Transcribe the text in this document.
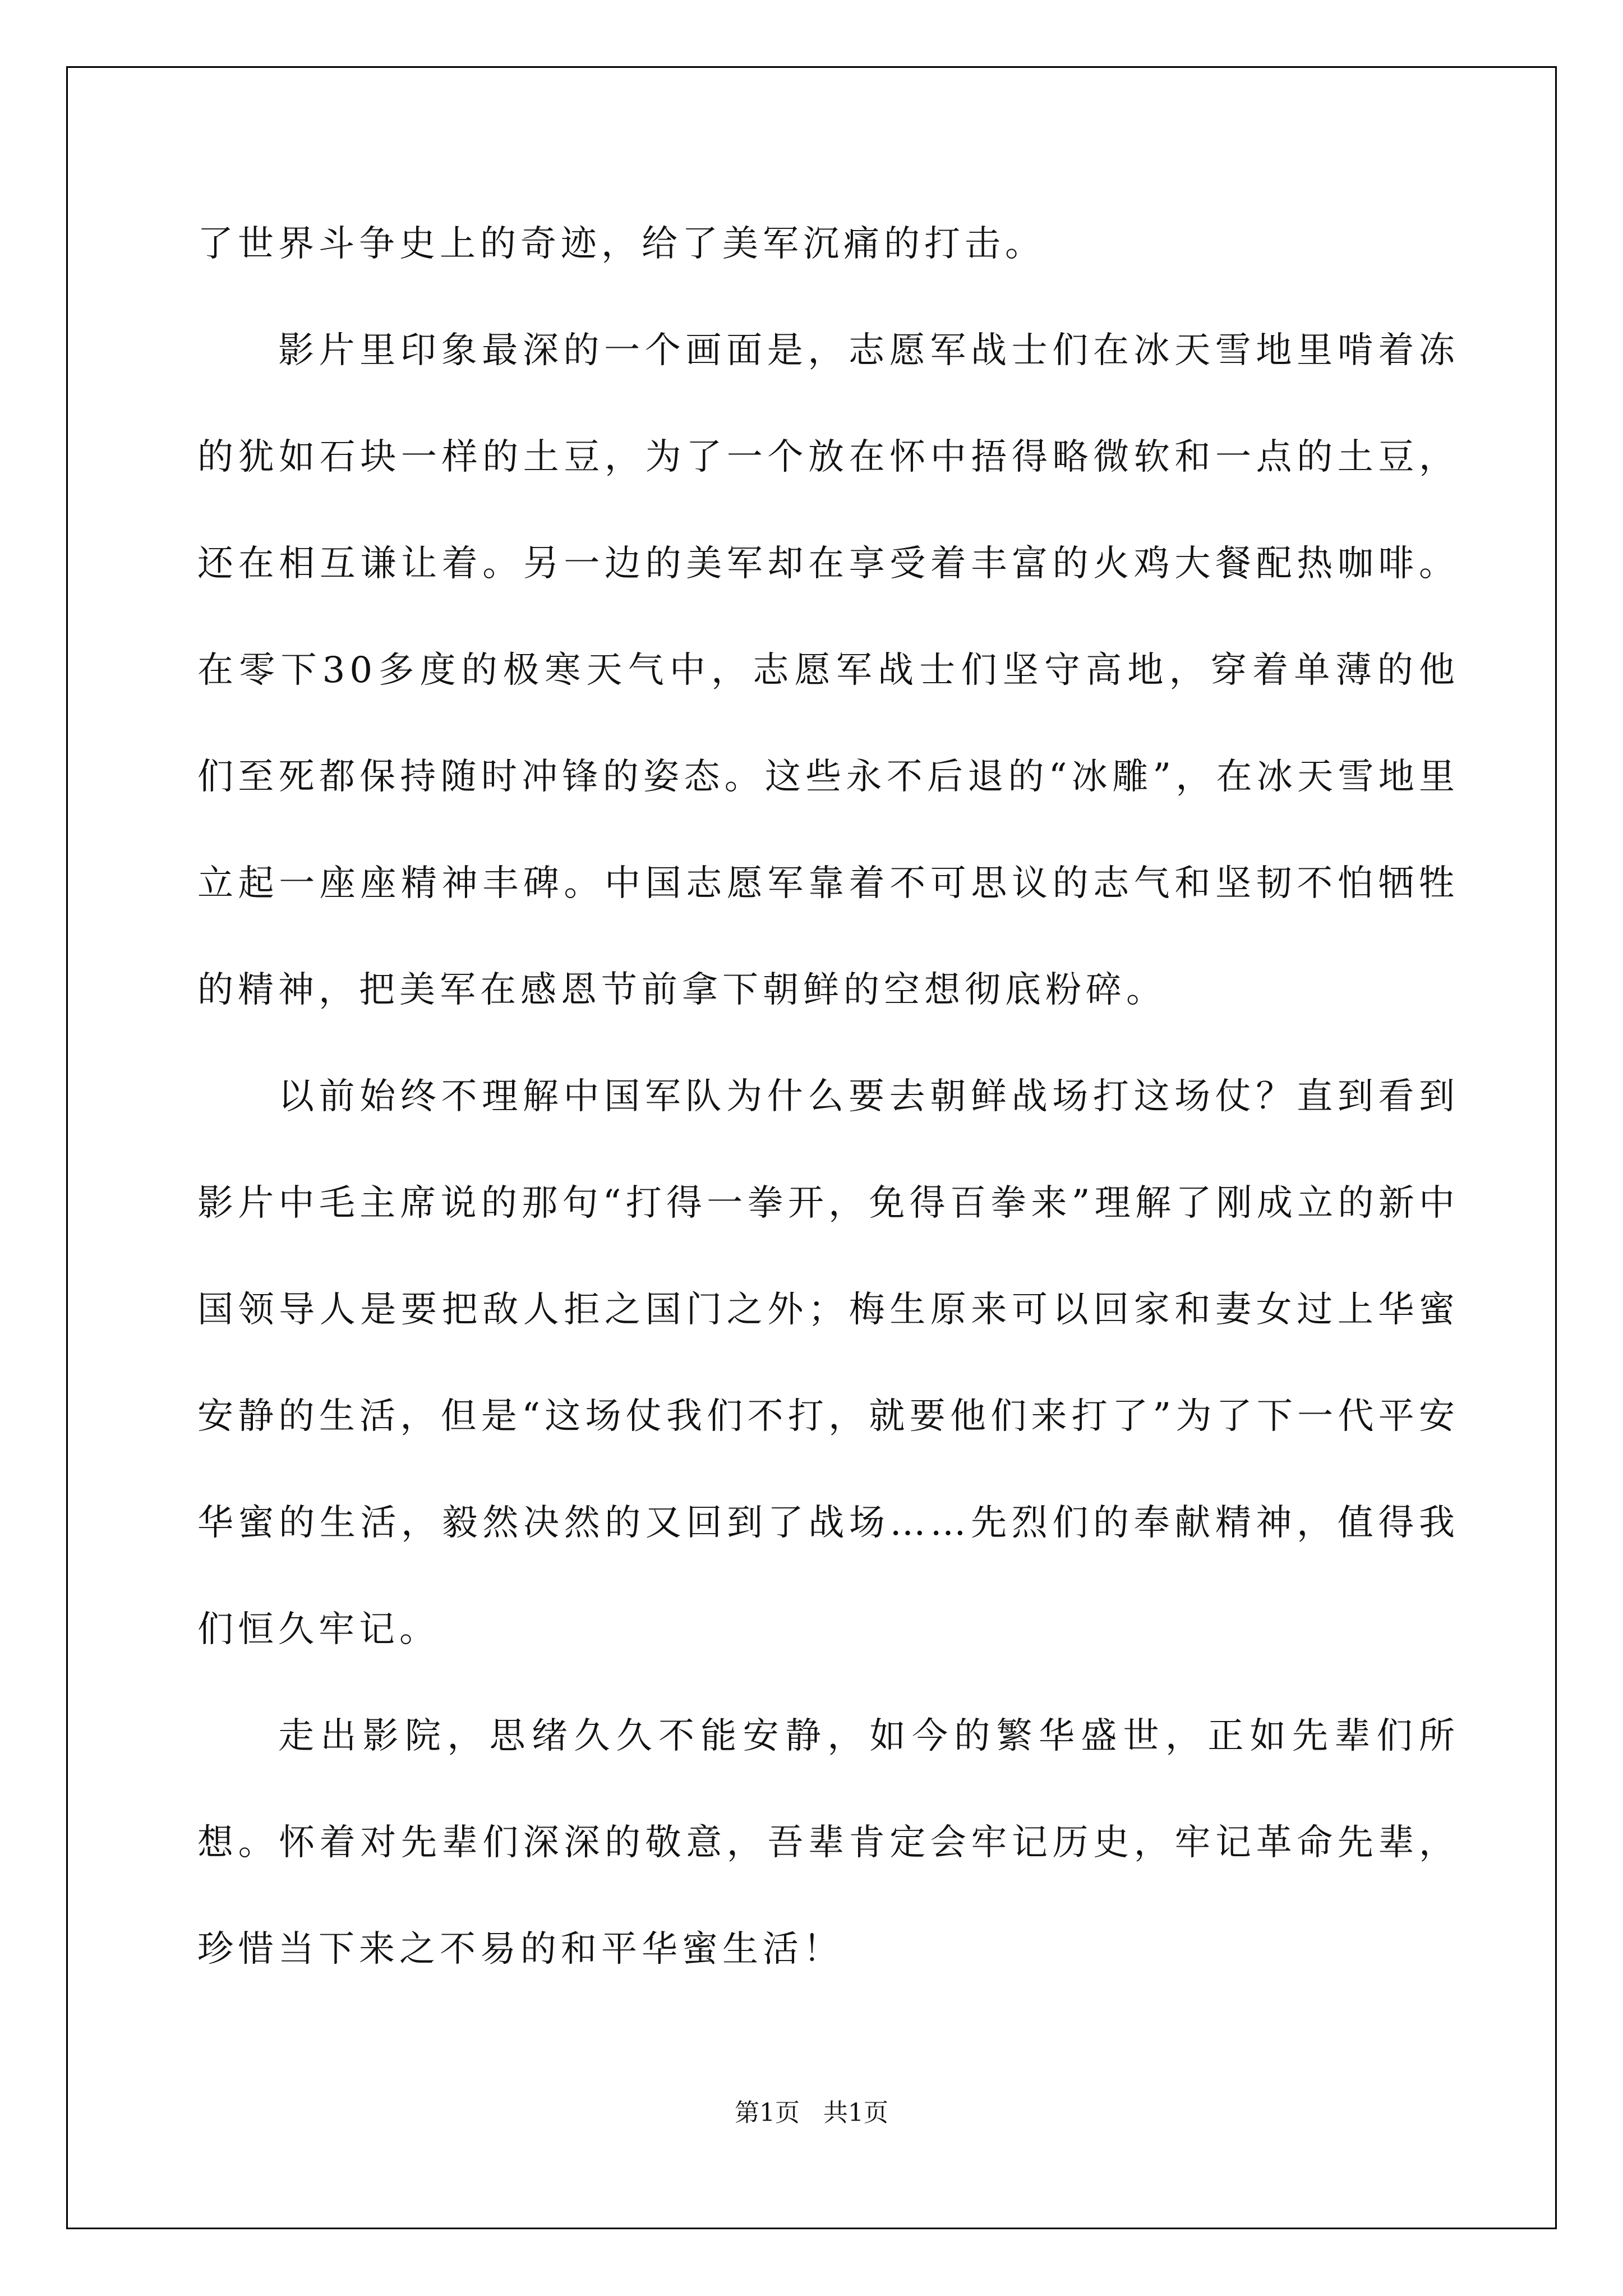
了世界斗争史上的奇迹，给了美军沉痛的打击。

影片里印象最深的一个画面是，志愿军战士们在冰天雪地里啃着冻的犹如石块一样的土豆，为了一个放在怀中捂得略微软和一点的土豆，还在相互谦让着。另一边的美军却在享受着丰富的火鸡大餐配热咖啡。在零下30多度的极寒天气中，志愿军战士们坚守高地，穿着单薄的他们至死都保持随时冲锋的姿态。这些永不后退的“冰雕”，在冰天雪地里立起一座座精神丰碑。中国志愿军靠着不可思议的志气和坚韧不怕牺牲的精神，把美军在感恩节前拿下朝鲜的空想彻底粉碎。

以前始终不理解中国军队为什么要去朝鲜战场打这场仗？直到看到影片中毛主席说的那句“打得一拳开，免得百拳来”理解了刚成立的新中国领导人是要把敌人拒之国门之外；梅生原来可以回家和妻女过上华蜜安静的生活，但是“这场仗我们不打，就要他们来打了”为了下一代平安华蜜的生活，毅然决然的又回到了战场……先烈们的奉献精神，值得我们恒久牢记。

走出影院，思绪久久不能安静，如今的繁华盛世，正如先辈们所想。怀着对先辈们深深的敬意，吾辈肯定会牢记历史，牢记革命先辈，珍惜当下来之不易的和平华蜜生活！

第1页   共1页
